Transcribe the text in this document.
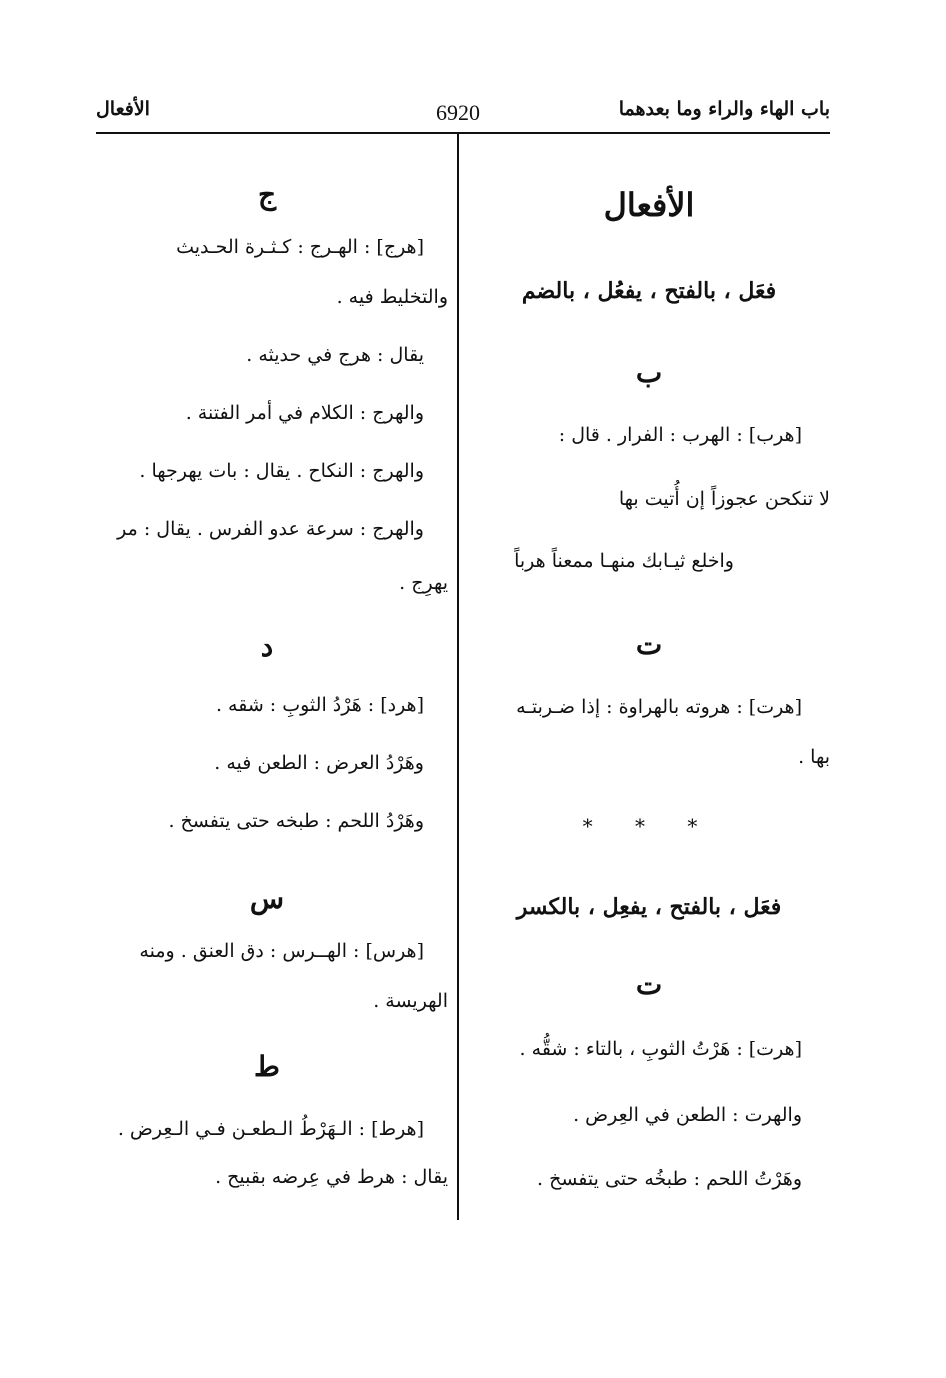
باب الهاء والراء وما بعدهما
6920
الأفعال
الأفعال
فعَل ، بالفتح ، يفعُل ، بالضم
ب
[هرب] : الهرب : الفرار . قال :
لا تنكحن عجوزاً إن أُتيت بها
واخلع ثيـابك منهـا ممعناً هرباً
ت
[هرت] : هروته بالهراوة : إذا ضـربتـه
بها .
* * *
فعَل ، بالفتح ، يفعِل ، بالكسر
ت
[هرت] : هَرْتُ الثوبِ ، بالتاء : شقُّه .
والهرت : الطعن في العِرض .
وهَرْتُ اللحم : طبخُه حتى يتفسخ .
ج
[هرج] : الهـرج : كـثـرة الحـديث
والتخليط فيه .
يقال : هرج في حديثه .
والهرج : الكلام في أمر الفتنة .
والهرج : النكاح . يقال : بات يهرجها .
والهرج : سرعة عدو الفرس . يقال : مر
يهرِج .
د
[هرد] : هَرْدُ الثوبِ : شقه .
وهَرْدُ العرض : الطعن فيه .
وهَرْدُ اللحم : طبخه حتى يتفسخ .
س
[هرس] : الهــرس : دق العنق . ومنه
الهريسة .
ط
[هرط] : الـهَرْطُ الـطعـن فـي الـعِرض .
يقال : هرط في عِرضه بقبيح .
